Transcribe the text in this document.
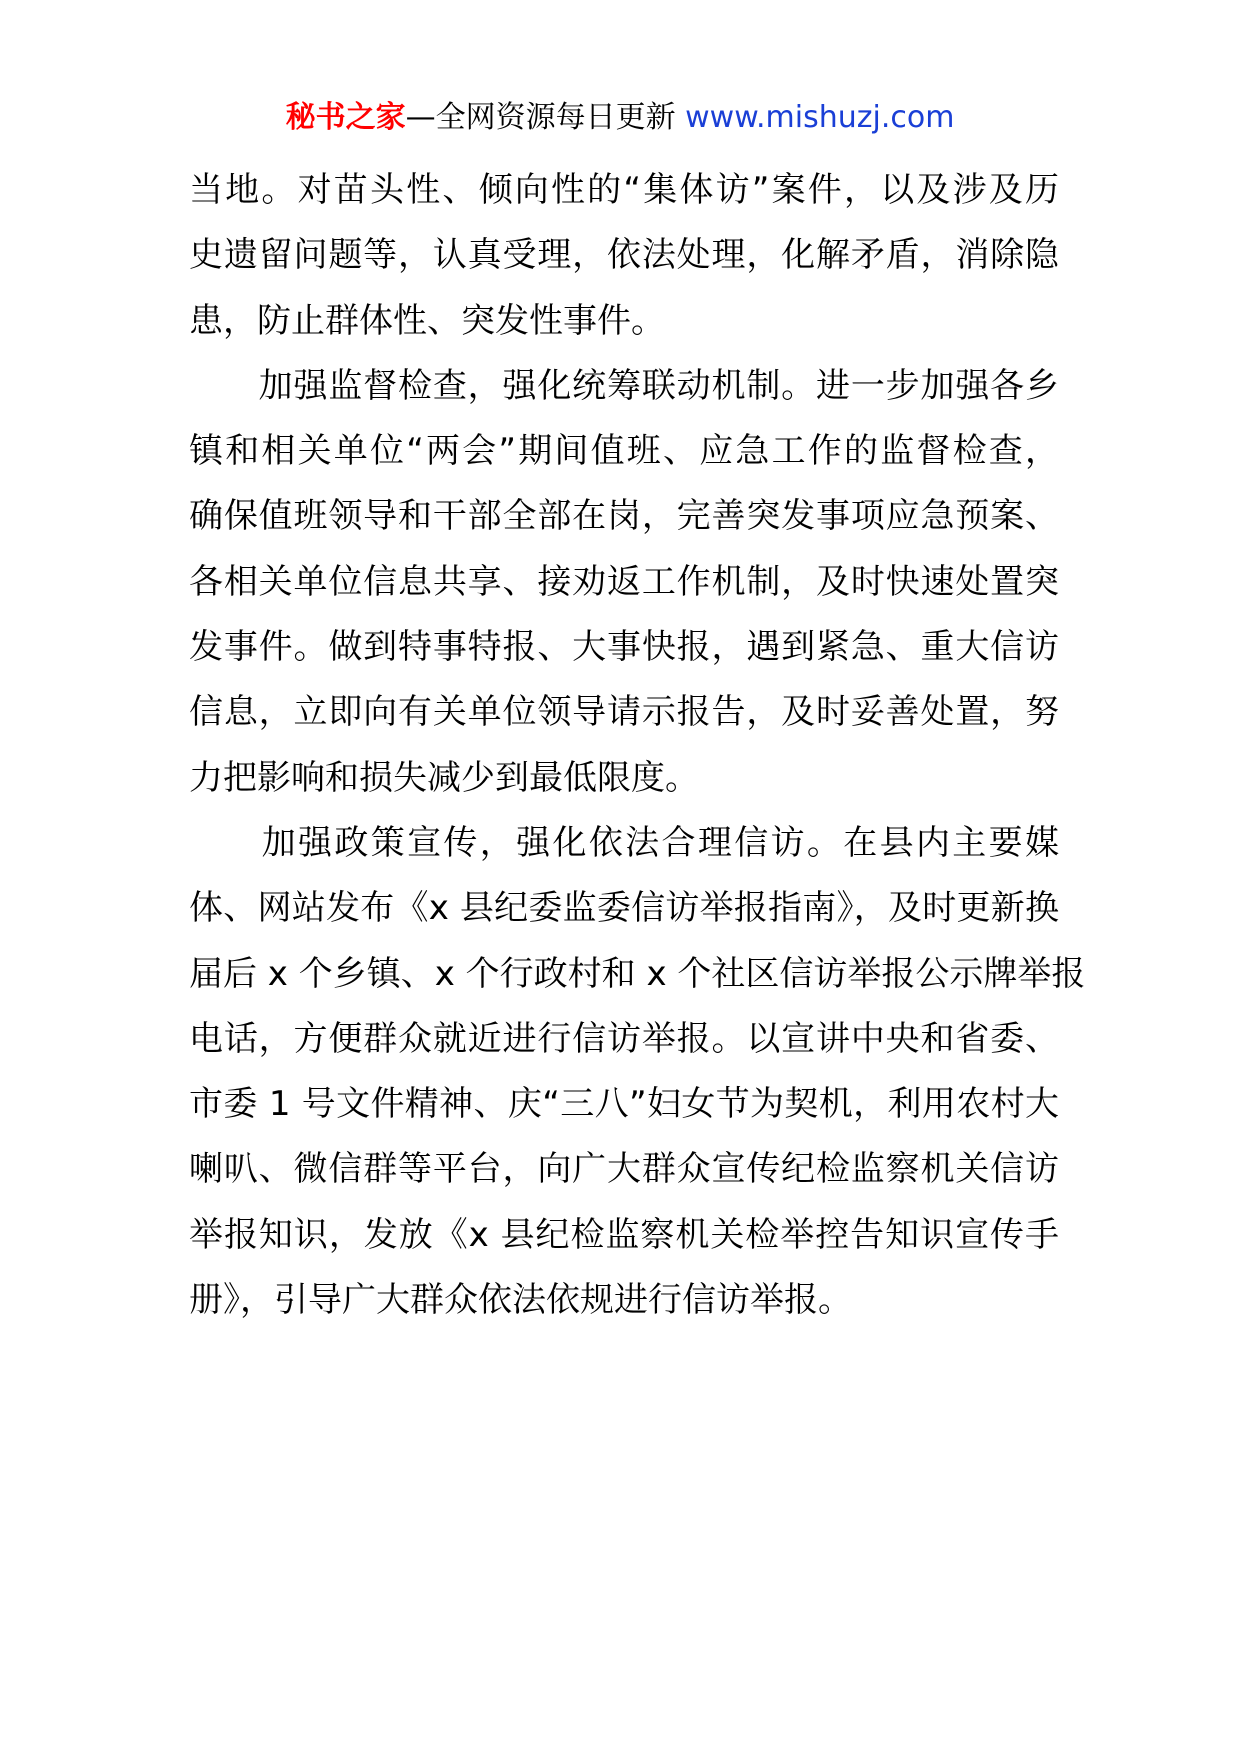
秘书之家—全网资源每日更新 www.mishuzj.com
当地。对苗头性、倾向性的“集体访”案件，以及涉及历
史遗留问题等，认真受理，依法处理，化解矛盾，消除隐
患，防止群体性、突发性事件。
　　加强监督检查，强化统筹联动机制。进一步加强各乡
镇和相关单位“两会”期间值班、应急工作的监督检查，
确保值班领导和干部全部在岗，完善突发事项应急预案、
各相关单位信息共享、接劝返工作机制，及时快速处置突
发事件。做到特事特报、大事快报，遇到紧急、重大信访
信息，立即向有关单位领导请示报告，及时妥善处置，努
力把影响和损失减少到最低限度。
　　加强政策宣传，强化依法合理信访。在县内主要媒
体、网站发布《x 县纪委监委信访举报指南》，及时更新换
届后 x 个乡镇、x 个行政村和 x 个社区信访举报公示牌举报
电话，方便群众就近进行信访举报。以宣讲中央和省委、
市委 1 号文件精神、庆“三八”妇女节为契机，利用农村大
喇叭、微信群等平台，向广大群众宣传纪检监察机关信访
举报知识，发放《x 县纪检监察机关检举控告知识宣传手
册》，引导广大群众依法依规进行信访举报。
